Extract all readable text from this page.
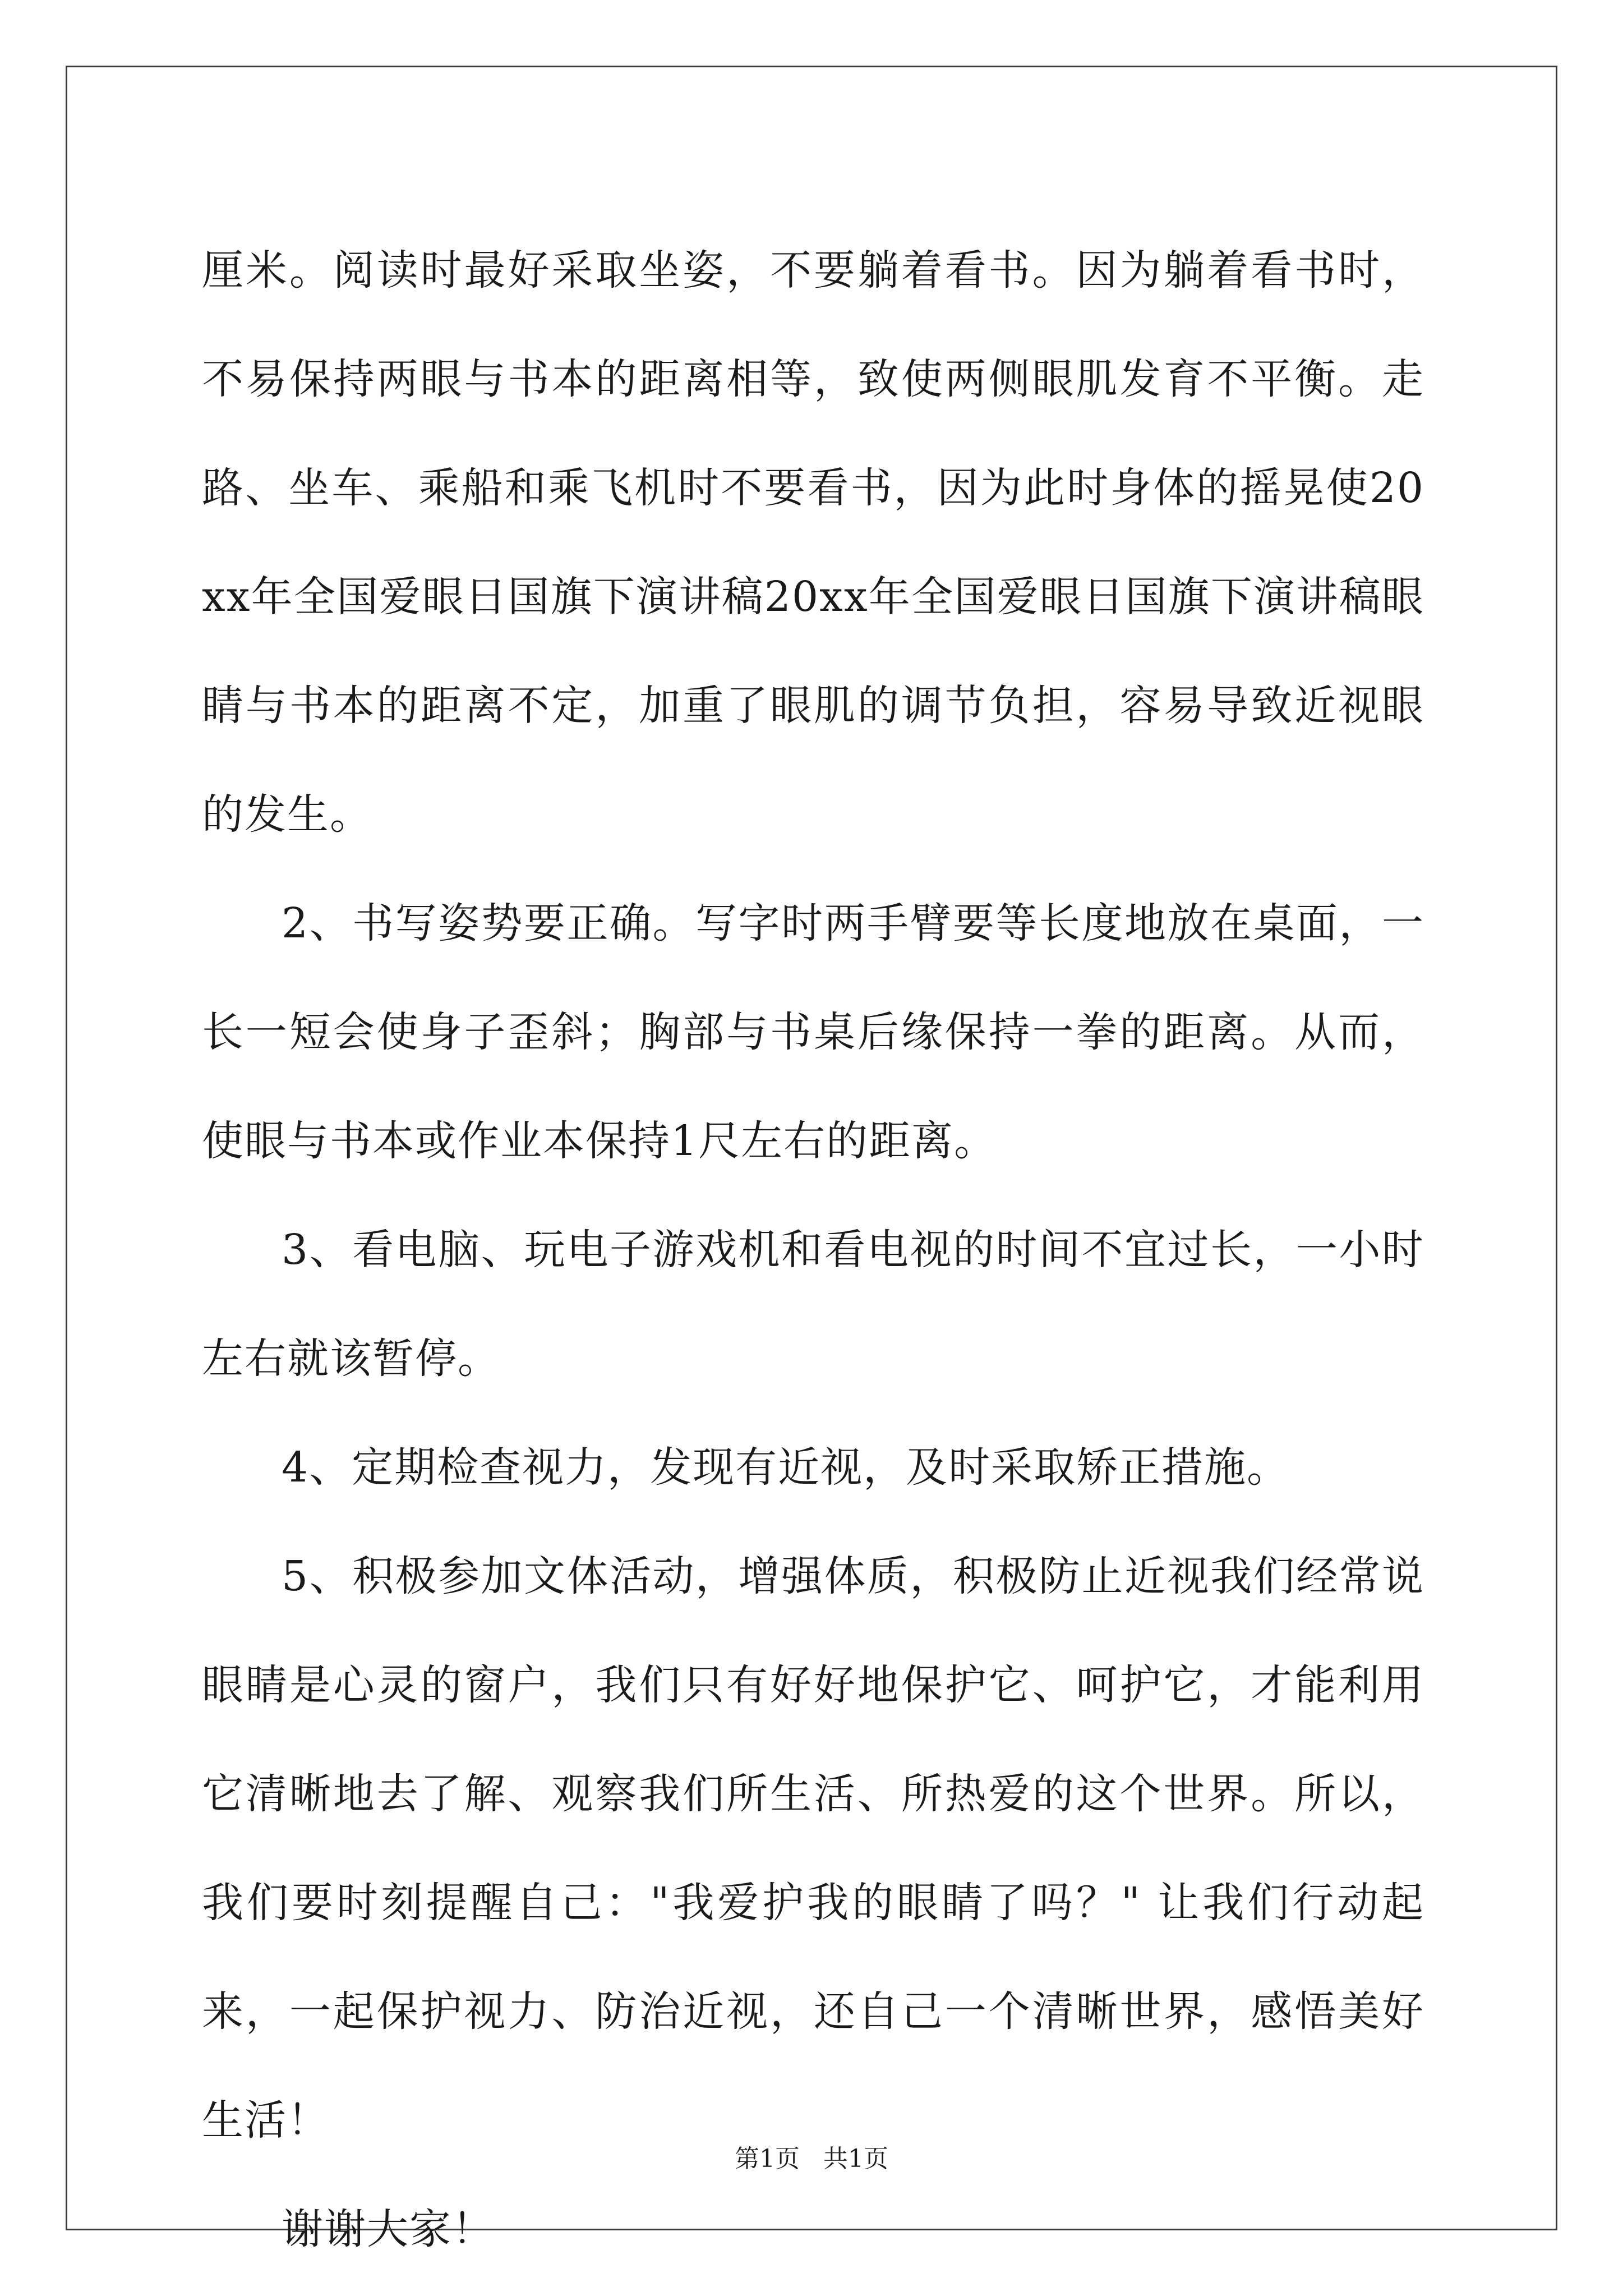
厘米。阅读时最好采取坐姿，不要躺着看书。因为躺着看书时，不易保持两眼与书本的距离相等，致使两侧眼肌发育不平衡。走路、坐车、乘船和乘飞机时不要看书，因为此时身体的摇晃使20xx年全国爱眼日国旗下演讲稿20xx年全国爱眼日国旗下演讲稿眼睛与书本的距离不定，加重了眼肌的调节负担，容易导致近视眼的发生。

2、书写姿势要正确。写字时两手臂要等长度地放在桌面，一长一短会使身子歪斜；胸部与书桌后缘保持一拳的距离。从而，使眼与书本或作业本保持1尺左右的距离。

3、看电脑、玩电子游戏机和看电视的时间不宜过长，一小时左右就该暂停。

4、定期检查视力，发现有近视，及时采取矫正措施。

5、积极参加文体活动，增强体质，积极防止近视我们经常说眼睛是心灵的窗户，我们只有好好地保护它、呵护它，才能利用它清晰地去了解、观察我们所生活、所热爱的这个世界。所以，我们要时刻提醒自己："我爱护我的眼睛了吗？" 让我们行动起来，一起保护视力、防治近视，还自己一个清晰世界，感悟美好生活！

谢谢大家！

第1页   共1页
